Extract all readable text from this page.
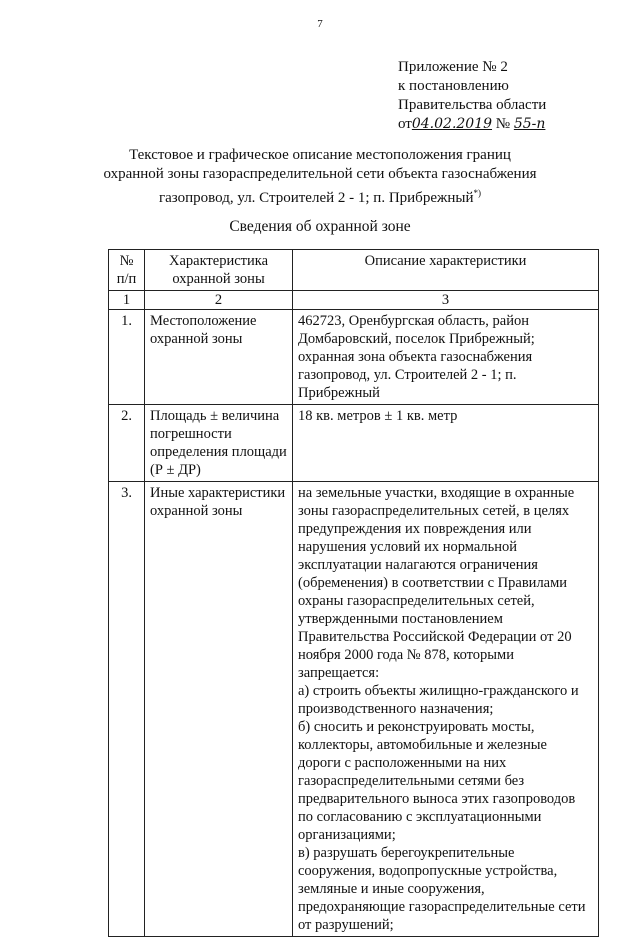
7
Приложение № 2
к постановлению
Правительства области
от04.02.2019 № 55-п
Текстовое и графическое описание местоположения границ
охранной зоны газораспределительной сети объекта газоснабжения
газопровод, ул. Строителей 2 - 1; п. Прибрежный*)
Сведения об охранной зоне
№ п/п	Характеристика охранной зоны	Описание характеристики
1	2	3
1.	Местоположение охранной зоны	462723, Оренбургская область, район Домбаровский, поселок Прибрежный; охранная зона объекта газоснабжения газопровод, ул. Строителей 2 - 1; п. Прибрежный
2.	Площадь ± величина погрешности определения площади (Р ± ДР)	18 кв. метров ± 1 кв. метр
3.	Иные характеристики охранной зоны	на земельные участки, входящие в охранные зоны газораспределительных сетей, в целях предупреждения их повреждения или нарушения условий их нормальной эксплуатации налагаются ограничения (обременения) в соответствии с Правилами охраны газораспределительных сетей, утвержденными постановлением Правительства Российской Федерации от 20 ноября 2000 года № 878, которыми запрещается:
а) строить объекты жилищно-гражданского и производственного назначения;
б) сносить и реконструировать мосты, коллекторы, автомобильные и железные дороги с расположенными на них газораспределительными сетями без предварительного выноса этих газопроводов по согласованию с эксплуатационными организациями;
в) разрушать берегоукрепительные сооружения, водопропускные устройства, земляные и иные сооружения, предохраняющие газораспределительные сети от разрушений;
